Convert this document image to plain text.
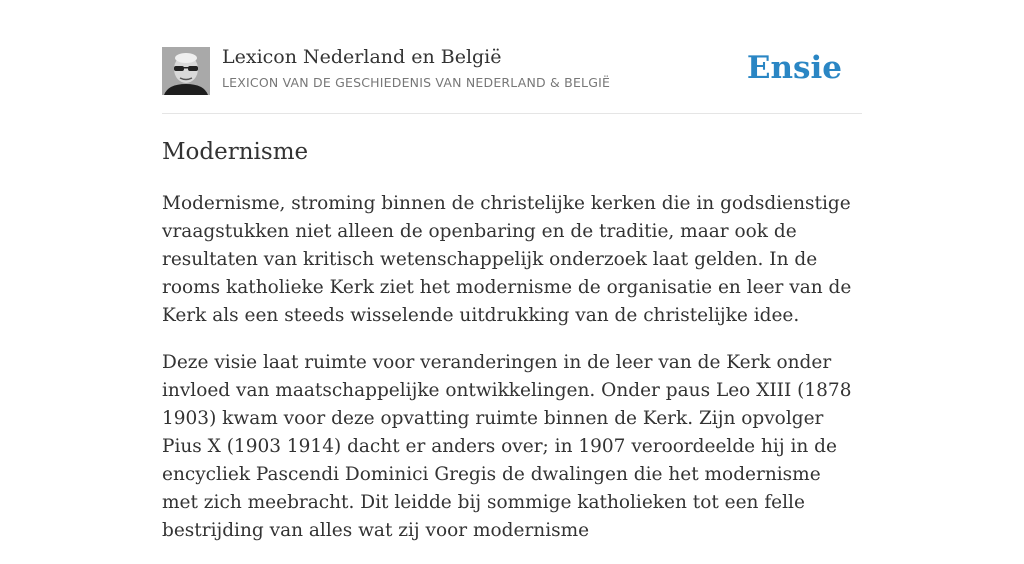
Lexicon Nederland en België
LEXICON VAN DE GESCHIEDENIS VAN NEDERLAND & BELGIË	Ensie
Modernisme

Modernisme, stroming binnen de christelijke kerken die in godsdienstige vraagstukken niet alleen de openbaring en de traditie, maar ook de resultaten van kritisch wetenschappelijk onderzoek laat gelden. In de rooms katholieke Kerk ziet het modernisme de organisatie en leer van de Kerk als een steeds wisselende uitdrukking van de christelijke idee.

Deze visie laat ruimte voor veranderingen in de leer van de Kerk onder invloed van maatschappelijke ontwikkelingen. Onder paus Leo XIII (1878 1903) kwam voor deze opvatting ruimte binnen de Kerk. Zijn opvolger Pius X (1903 1914) dacht er anders over; in 1907 veroordeelde hij in de encycliek Pascendi Dominici Gregis de dwalingen die het modernisme met zich meebracht. Dit leidde bij sommige katholieken tot een felle bestrijding van alles wat zij voor modernisme
